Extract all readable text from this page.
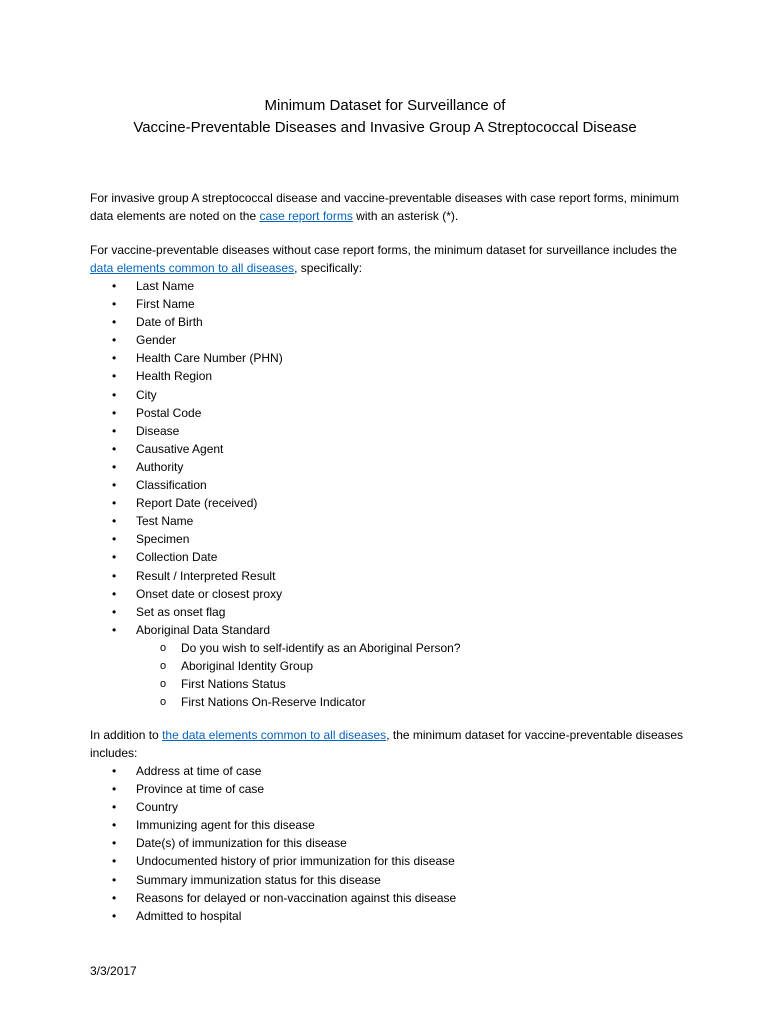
Minimum Dataset for Surveillance of
Vaccine-Preventable Diseases and Invasive Group A Streptococcal Disease

For invasive group A streptococcal disease and vaccine-preventable diseases with case report forms, minimum data elements are noted on the case report forms with an asterisk (*).

For vaccine-preventable diseases without case report forms, the minimum dataset for surveillance includes the data elements common to all diseases, specifically:

• Last Name
• First Name
• Date of Birth
• Gender
• Health Care Number (PHN)
• Health Region
• City
• Postal Code
• Disease
• Causative Agent
• Authority
• Classification
• Report Date (received)
• Test Name
• Specimen
• Collection Date
• Result / Interpreted Result
• Onset date or closest proxy
• Set as onset flag
• Aboriginal Data Standard
o Do you wish to self-identify as an Aboriginal Person?
o Aboriginal Identity Group
o First Nations Status
o First Nations On-Reserve Indicator

In addition to the data elements common to all diseases, the minimum dataset for vaccine-preventable diseases includes:

• Address at time of case
• Province at time of case
• Country
• Immunizing agent for this disease
• Date(s) of immunization for this disease
• Undocumented history of prior immunization for this disease
• Summary immunization status for this disease
• Reasons for delayed or non-vaccination against this disease
• Admitted to hospital
3/3/2017
